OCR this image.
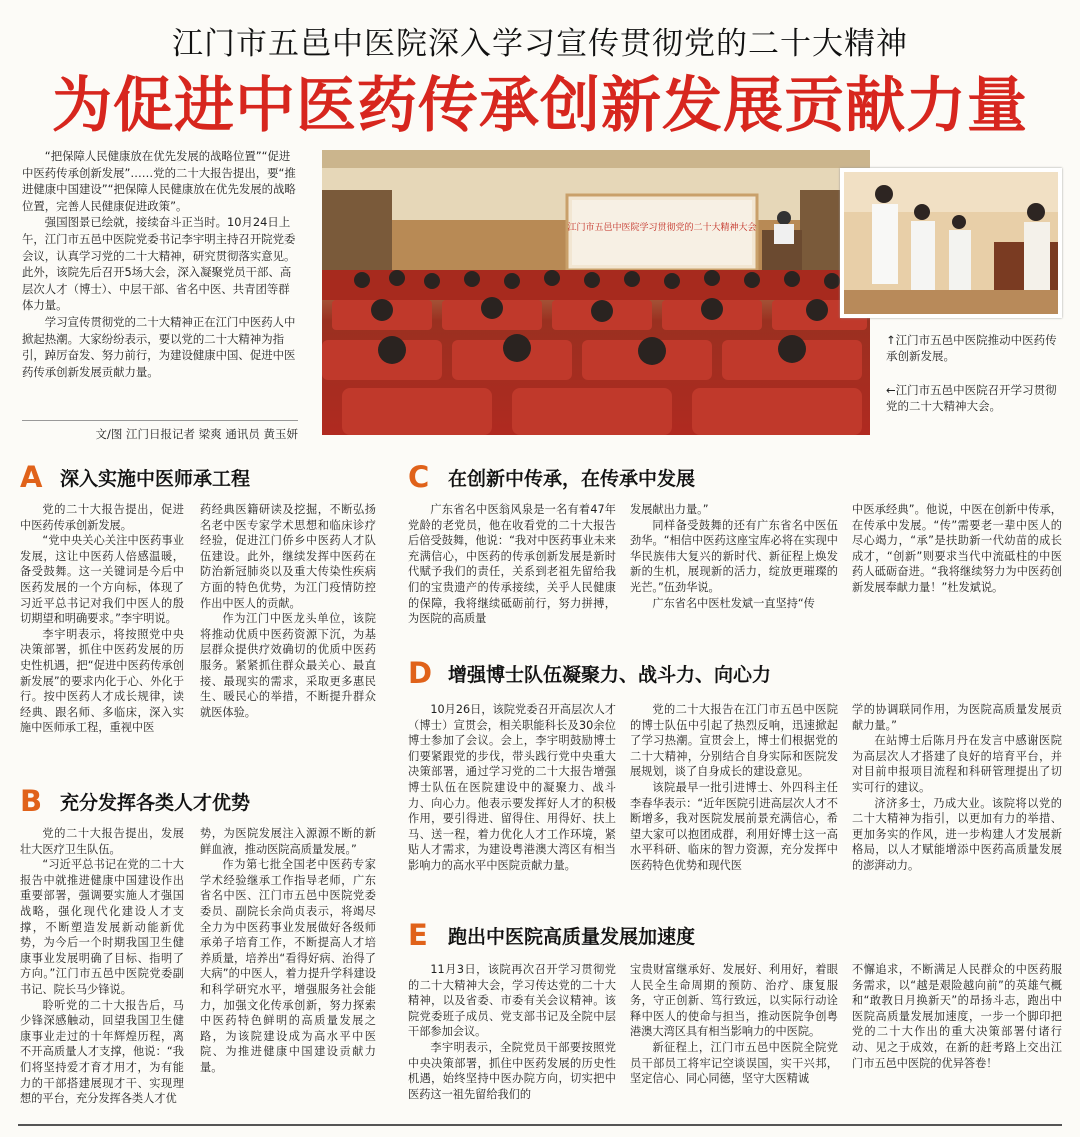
江门市五邑中医院深入学习宣传贯彻党的二十大精神
为促进中医药传承创新发展贡献力量

“把保障人民健康放在优先发展的战略位置”“促进中医药传承创新发展”……党的二十大报告提出，要“推进健康中国建设”“把保障人民健康放在优先发展的战略位置，完善人民健康促进政策”。

强国图景已绘就，接续奋斗正当时。10月24日上午，江门市五邑中医院党委书记李宇明主持召开院党委会议，认真学习党的二十大精神，研究贯彻落实意见。此外，该院先后召开5场大会，深入凝聚党员干部、高层次人才（博士）、中层干部、省名中医、共青团等群体力量。

学习宣传贯彻党的二十大精神正在江门中医药人中掀起热潮。大家纷纷表示，要以党的二十大精神为指引，踔厉奋发、努力前行，为建设健康中国、促进中医药传承创新发展贡献力量。

文/图 江门日报记者 梁爽 通讯员 黄玉妍
江门市五邑中医院学习贯彻党的二十大精神大会
↑江门市五邑中医院推动中医药传承创新发展。
←江门市五邑中医院召开学习贯彻党的二十大精神大会。
A 深入实施中医师承工程

党的二十大报告提出，促进中医药传承创新发展。

“党中央关心关注中医药事业发展，这让中医药人倍感温暖，备受鼓舞。这一关键词是今后中医药发展的一个方向标，体现了习近平总书记对我们中医人的殷切期望和明确要求。”李宇明说。

李宇明表示，将按照党中央决策部署，抓住中医药发展的历史性机遇，把“促进中医药传承创新发展”的要求内化于心、外化于行。按中医药人才成长规律，读经典、跟名师、多临床，深入实施中医师承工程，重视中医

药经典医籍研读及挖掘，不断弘扬名老中医专家学术思想和临床诊疗经验，促进江门侨乡中医药人才队伍建设。此外，继续发挥中医药在防治新冠肺炎以及重大传染性疾病方面的特色优势，为江门疫情防控作出中医人的贡献。

作为江门中医龙头单位，该院将推动优质中医药资源下沉，为基层群众提供疗效确切的优质中医药服务。紧紧抓住群众最关心、最直接、最现实的需求，采取更多惠民生、暖民心的举措，不断提升群众就医体验。

B 充分发挥各类人才优势

党的二十大报告提出，发展壮大医疗卫生队伍。

“习近平总书记在党的二十大报告中就推进健康中国建设作出重要部署，强调要实施人才强国战略，强化现代化建设人才支撑，不断塑造发展新动能新优势，为今后一个时期我国卫生健康事业发展明确了目标、指明了方向。”江门市五邑中医院党委副书记、院长马少锋说。

聆听党的二十大报告后，马少锋深感触动，回望我国卫生健康事业走过的十年辉煌历程，离不开高质量人才支撑，他说：“我们将坚持爱才育才用才，为有能力的干部搭建展现才干、实现理想的平台，充分发挥各类人才优

势，为医院发展注入源源不断的新鲜血液，推动医院高质量发展。”

作为第七批全国老中医药专家学术经验继承工作指导老师，广东省名中医、江门市五邑中医院党委委员、副院长余尚贞表示，将竭尽全力为中医药事业发展做好各级师承弟子培育工作，不断提高人才培养质量，培养出“看得好病、治得了大病”的中医人，着力提升学科建设和科学研究水平，增强服务社会能力，加强文化传承创新，努力探索中医药特色鲜明的高质量发展之路，为该院建设成为高水平中医院、为推进健康中国建设贡献力量。

C 在创新中传承，在传承中发展

广东省名中医翁风泉是一名有着47年党龄的老党员，他在收看党的二十大报告后倍受鼓舞，他说：“我对中医药事业未来充满信心，中医药的传承创新发展是新时代赋予我们的责任，关系到老祖先留给我们的宝贵遗产的传承接续，关乎人民健康的保障，我将继续砥砺前行，努力拼搏，为医院的高质量

发展献出力量。”

同样备受鼓舞的还有广东省名中医伍劲华。“相信中医药这座宝库必将在实现中华民族伟大复兴的新时代、新征程上焕发新的生机，展现新的活力，绽放更璀璨的光芒。”伍劲华说。

广东省名中医杜发斌一直坚持“传

中医承经典”。他说，中医在创新中传承，在传承中发展。“传”需要老一辈中医人的尽心竭力，“承”是扶助新一代幼苗的成长成才，“创新”则要求当代中流砥柱的中医药人砥砺奋进。“我将继续努力为中医药创新发展奉献力量！”杜发斌说。

D 增强博士队伍凝聚力、战斗力、向心力

10月26日，该院党委召开高层次人才（博士）宣贯会，相关职能科长及30余位博士参加了会议。会上，李宇明鼓励博士们要紧跟党的步伐，带头践行党中央重大决策部署，通过学习党的二十大报告增强博士队伍在医院建设中的凝聚力、战斗力、向心力。他表示要发挥好人才的积极作用，要引得进、留得住、用得好、扶上马、送一程，着力优化人才工作环境，紧贴人才需求，为建设粤港澳大湾区有相当影响力的高水平中医院贡献力量。

党的二十大报告在江门市五邑中医院的博士队伍中引起了热烈反响，迅速掀起了学习热潮。宣贯会上，博士们根据党的二十大精神，分别结合自身实际和医院发展规划，谈了自身成长的建设意见。

该院最早一批引进博士、外四科主任李春华表示：“近年医院引进高层次人才不断增多，我对医院发展前景充满信心，希望大家可以抱团成群，利用好博士这一高水平科研、临床的智力资源，充分发挥中医药特色优势和现代医

学的协调联同作用，为医院高质量发展贡献力量。”

在站博士后陈月丹在发言中感谢医院为高层次人才搭建了良好的培育平台，并对目前申报项目流程和科研管理提出了切实可行的建议。

济济多士，乃成大业。该院将以党的二十大精神为指引，以更加有力的举措、更加务实的作风，进一步构建人才发展新格局，以人才赋能增添中医药高质量发展的澎湃动力。

E	跑出中医院高质量发展加速度

11月3日，该院再次召开学习贯彻党的二十大精神大会，学习传达党的二十大精神，以及省委、市委有关会议精神。该院党委班子成员、党支部书记及全院中层干部参加会议。

李宇明表示，全院党员干部要按照党中央决策部署，抓住中医药发展的历史性机遇，始终坚持中医办院方向，切实把中医药这一祖先留给我们的

宝贵财富继承好、发展好、利用好，着眼人民全生命周期的预防、治疗、康复服务，守正创新、笃行致远，以实际行动诠释中医人的使命与担当，推动医院争创粤港澳大湾区具有相当影响力的中医院。

新征程上，江门市五邑中医院全院党员干部员工将牢记空谈误国，实干兴邦，坚定信心、同心同德，坚守大医精诚

不懈追求，不断满足人民群众的中医药服务需求，以“越是艰险越向前”的英雄气概和“敢教日月换新天”的昂扬斗志，跑出中医院高质量发展加速度，一步一个脚印把党的二十大作出的重大决策部署付诸行动、见之于成效，在新的赶考路上交出江门市五邑中医院的优异答卷！
